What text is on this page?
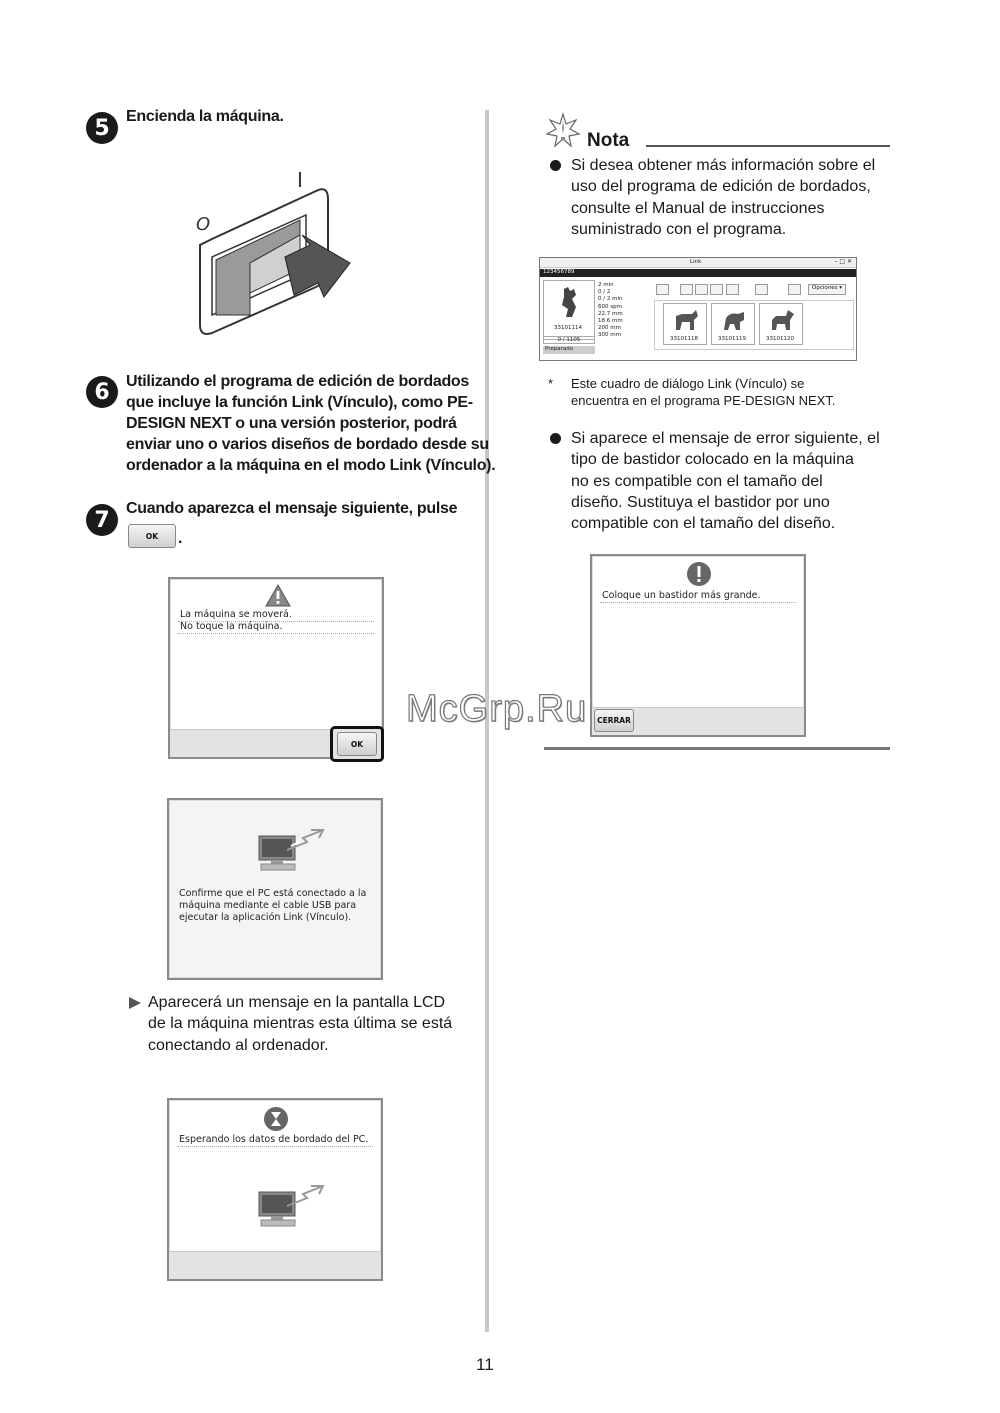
5	Encienda la máquina.
I
O
6	Utilizando el programa de edición de bordados
que incluye la función Link (Vínculo), como PE-
DESIGN NEXT o una versión posterior, podrá
enviar uno o varios diseños de bordado desde su
ordenador a la máquina en el modo Link (Vínculo).
7	Cuando aparezca el mensaje siguiente, pulse
OK	.
La máquina se moverá.
No toque la máquina.
OK
Confirme que el PC está conectado a la
máquina mediante el cable USB para
ejecutar la aplicación Link (Vínculo).
Aparecerá un mensaje en la pantalla LCD
de la máquina mientras esta última se está
conectando al ordenador.
Esperando los datos de bordado del PC.
Nota
Si desea obtener más información sobre el
uso del programa de edición de bordados,
consulte el Manual de instrucciones
suministrado con el programa.
Link	– □ ✕
123456789
33101114
0 / 1105
Preparado
2 min
0 / 2
0 / 2 min
600 spm
22.7 mm
18.6 mm
200 mm
300 mm
Opciones ▾
33101118	33101119	33101120
* Este cuadro de diálogo Link (Vínculo) se
encuentra en el programa PE-DESIGN NEXT.
Si aparece el mensaje de error siguiente, el
tipo de bastidor colocado en la máquina
no es compatible con el tamaño del
diseño. Sustituya el bastidor por uno
compatible con el tamaño del diseño.
Coloque un bastidor más grande.
CERRAR
McGrp.Ru
11
